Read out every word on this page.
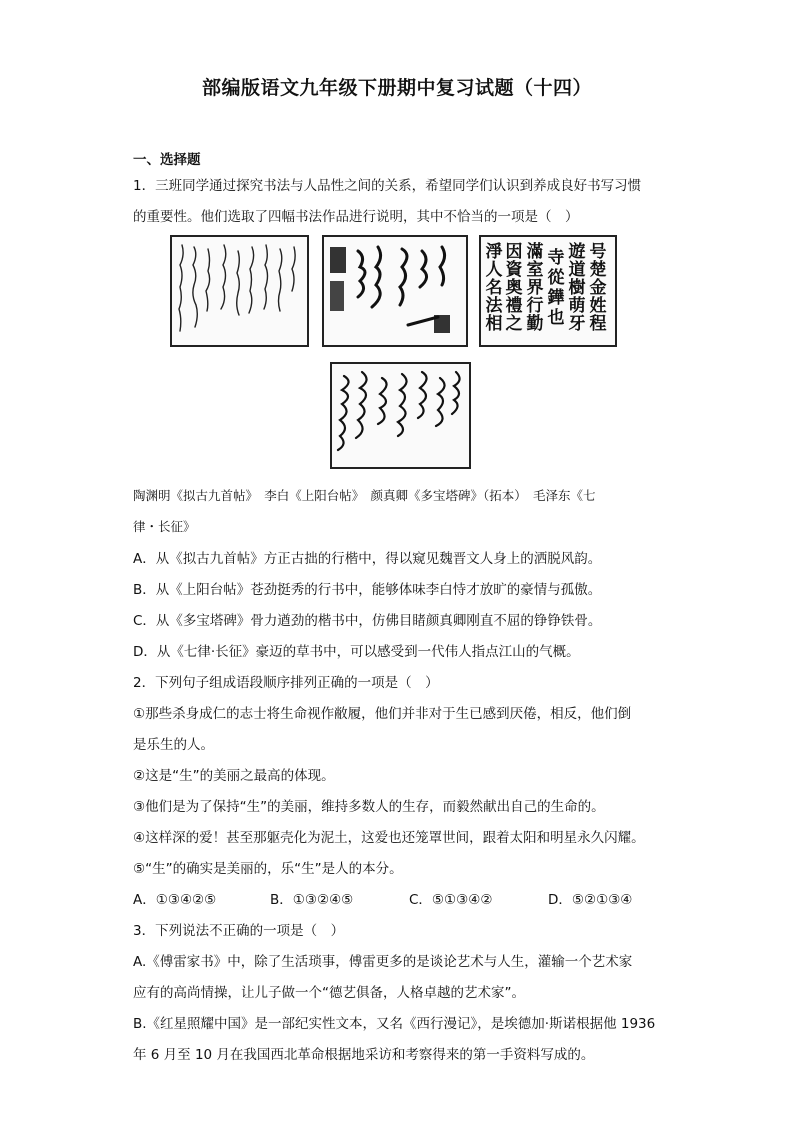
部编版语文九年级下册期中复习试题（十四）
一、选择题
1．三班同学通过探究书法与人品性之间的关系，希望同学们认识到养成良好书写习惯
的重要性。他们选取了四幅书法作品进行说明，其中不恰当的一项是（　）
号楚金姓程
遊道樹萌牙
寺從鏵也
滿室界行勤
因資奥禮之
淨人名法相
陶渊明《拟古九首帖》　李白《上阳台帖》　颜真卿《多宝塔碑》（拓本）　毛泽东《七
律・长征》
A．从《拟古九首帖》方正古拙的行楷中，得以窥见魏晋文人身上的洒脱风韵。
B．从《上阳台帖》苍劲挺秀的行书中，能够体味李白恃才放旷的豪情与孤傲。
C．从《多宝塔碑》骨力遒劲的楷书中，仿佛目睹颜真卿刚直不屈的铮铮铁骨。
D．从《七律·长征》豪迈的草书中，可以感受到一代伟人指点江山的气概。
2．下列句子组成语段顺序排列正确的一项是（　）
①那些杀身成仁的志士将生命视作敝履，他们并非对于生已感到厌倦，相反，他们倒
是乐生的人。
②这是“生”的美丽之最高的体现。
③他们是为了保持“生”的美丽，维持多数人的生存，而毅然献出自己的生命的。
④这样深的爱！甚至那躯壳化为泥土，这爱也还笼罩世间，跟着太阳和明星永久闪耀。
⑤“生”的确实是美丽的，乐“生”是人的本分。
A．①③④②⑤	B．①③②④⑤	C．⑤①③④②	D．⑤②①③④
3．下列说法不正确的一项是（　）
A.《傅雷家书》中，除了生活琐事，傅雷更多的是谈论艺术与人生，灌输一个艺术家
应有的高尚情操，让儿子做一个“德艺俱备，人格卓越的艺术家”。
B.《红星照耀中国》是一部纪实性文本，又名《西行漫记》，是埃德加·斯诺根据他 1936
年 6 月至 10 月在我国西北革命根据地采访和考察得来的第一手资料写成的。
